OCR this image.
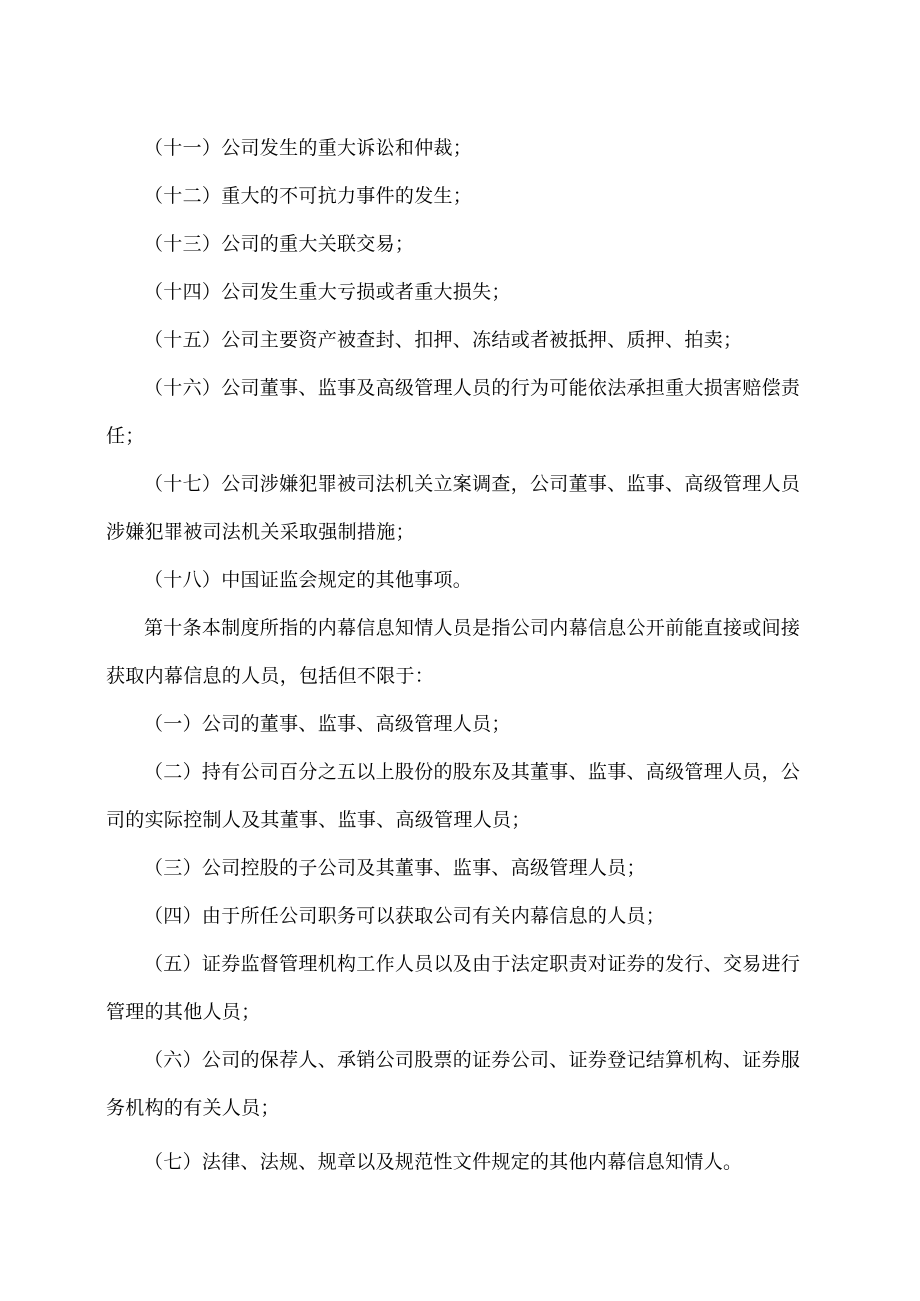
（十一）公司发生的重大诉讼和仲裁；

（十二）重大的不可抗力事件的发生；

（十三）公司的重大关联交易；

（十四）公司发生重大亏损或者重大损失；

（十五）公司主要资产被查封、扣押、冻结或者被抵押、质押、拍卖；

（十六）公司董事、监事及高级管理人员的行为可能依法承担重大损害赔偿责任；

（十七）公司涉嫌犯罪被司法机关立案调查，公司董事、监事、高级管理人员涉嫌犯罪被司法机关采取强制措施；

（十八）中国证监会规定的其他事项。

第十条本制度所指的内幕信息知情人员是指公司内幕信息公开前能直接或间接获取内幕信息的人员，包括但不限于：

（一）公司的董事、监事、高级管理人员；

（二）持有公司百分之五以上股份的股东及其董事、监事、高级管理人员，公司的实际控制人及其董事、监事、高级管理人员；

（三）公司控股的子公司及其董事、监事、高级管理人员；

（四）由于所任公司职务可以获取公司有关内幕信息的人员；

（五）证券监督管理机构工作人员以及由于法定职责对证券的发行、交易进行管理的其他人员；

（六）公司的保荐人、承销公司股票的证券公司、证券登记结算机构、证券服务机构的有关人员；

（七）法律、法规、规章以及规范性文件规定的其他内幕信息知情人。
